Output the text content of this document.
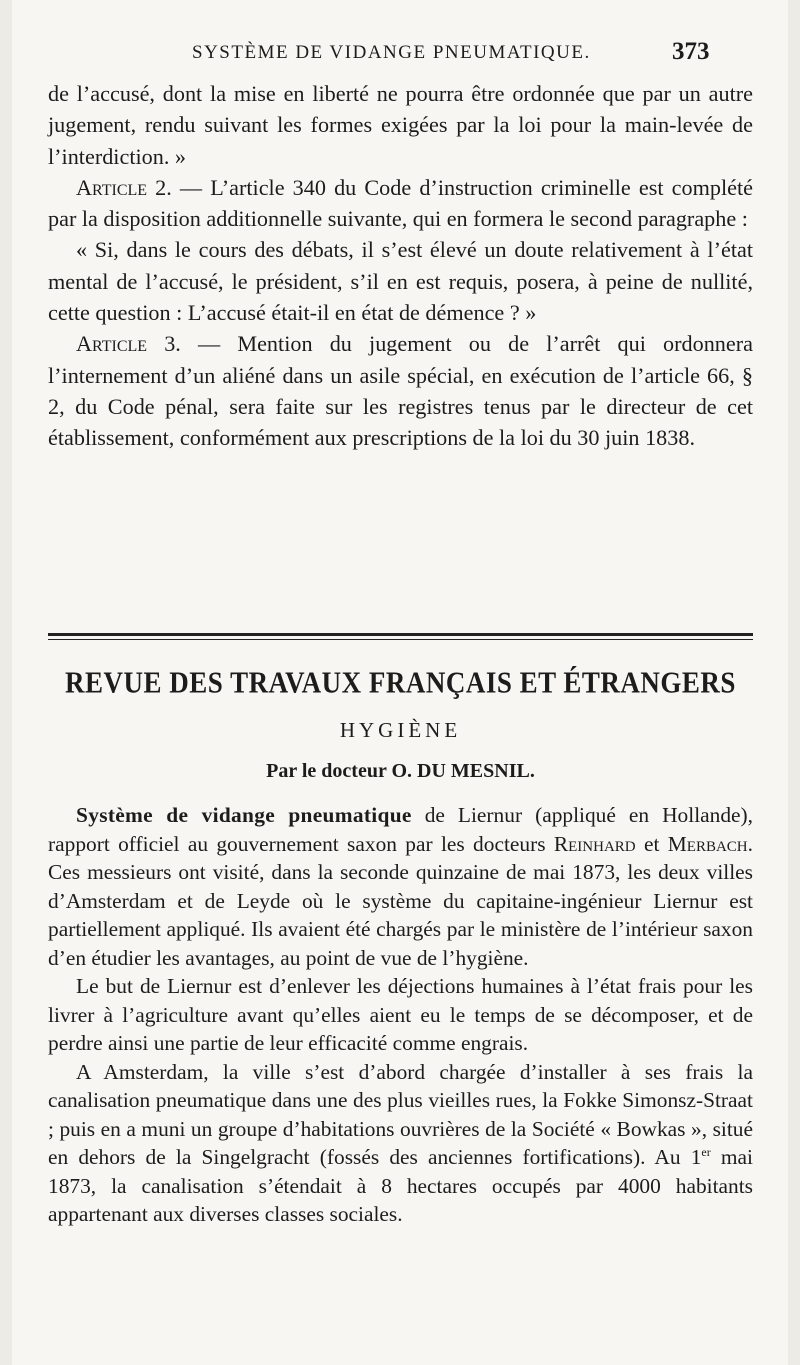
SYSTÈME DE VIDANGE PNEUMATIQUE.	373

de l’accusé, dont la mise en liberté ne pourra être ordonnée que par un autre jugement, rendu suivant les formes exigées par la loi pour la main-levée de l’interdiction. »

Article 2. — L’article 340 du Code d’instruction criminelle est complété par la disposition additionnelle suivante, qui en formera le second paragraphe :

« Si, dans le cours des débats, il s’est élevé un doute relativement à l’état mental de l’accusé, le président, s’il en est requis, posera, à peine de nullité, cette question : L’accusé était-il en état de démence ? »

Article 3. — Mention du jugement ou de l’arrêt qui ordonnera l’internement d’un aliéné dans un asile spécial, en exécution de l’article 66, § 2, du Code pénal, sera faite sur les registres tenus par le directeur de cet établissement, conformément aux prescriptions de la loi du 30 juin 1838.

REVUE DES TRAVAUX FRANÇAIS ET ÉTRANGERS
HYGIÈNE
Par le docteur O. DU MESNIL.

Système de vidange pneumatique de Liernur (appliqué en Hollande), rapport officiel au gouvernement saxon par les docteurs Reinhard et Merbach. Ces messieurs ont visité, dans la seconde quinzaine de mai 1873, les deux villes d’Amsterdam et de Leyde où le système du capitaine-ingénieur Liernur est partiellement appliqué. Ils avaient été chargés par le ministère de l’intérieur saxon d’en étudier les avantages, au point de vue de l’hygiène.

Le but de Liernur est d’enlever les déjections humaines à l’état frais pour les livrer à l’agriculture avant qu’elles aient eu le temps de se décomposer, et de perdre ainsi une partie de leur efficacité comme engrais.

A Amsterdam, la ville s’est d’abord chargée d’installer à ses frais la canalisation pneumatique dans une des plus vieilles rues, la Fokke Simonsz-Straat ; puis en a muni un groupe d’habitations ouvrières de la Société « Bowkas », situé en dehors de la Singelgracht (fossés des anciennes fortifications). Au 1er mai 1873, la canalisation s’étendait à 8 hectares occupés par 4000 habitants appartenant aux diverses classes sociales.
